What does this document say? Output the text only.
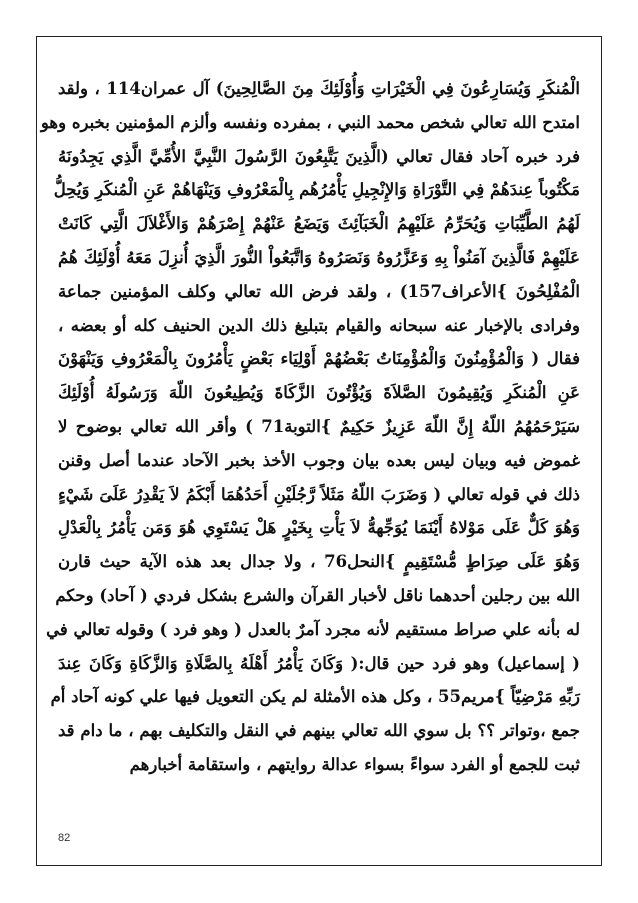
الْمُنكَرِ وَيُسَارِعُونَ فِي الْخَيْرَاتِ وَأُوْلَئِكَ مِنَ الصَّالِحِينَ) آل عمران114 ، ولقد

امتدح الله تعالي شخص محمد النبي ، بمفرده ونفسه وألزم المؤمنين بخبره وهو

فرد خبره آحاد فقال تعالي (الَّذِينَ يَتَّبِعُونَ الرَّسُولَ النَّبِيَّ الأُمِّيَّ الَّذِي يَجِدُونَهُ

مَكْتُوباً عِندَهُمْ فِي التَّوْرَاةِ وَالإِنْجِيلِ يَأْمُرُهُم بِالْمَعْرُوفِ وَيَنْهَاهُمْ عَنِ الْمُنكَرِ وَيُحِلُّ

لَهُمُ الطَّيِّبَاتِ وَيُحَرِّمُ عَلَيْهِمُ الْخَبَآئِثَ وَيَضَعُ عَنْهُمْ إِصْرَهُمْ وَالأَغْلاَلَ الَّتِي كَانَتْ

عَلَيْهِمْ فَالَّذِينَ آمَنُواْ بِهِ وَعَزَّرُوهُ وَنَصَرُوهُ وَاتَّبَعُواْ النُّورَ الَّذِيَ أُنزِلَ مَعَهُ أُوْلَئِكَ هُمُ

الْمُفْلِحُونَ }الأعراف157) ، ولقد فرض الله تعالي وكلف المؤمنين جماعة

وفرادى بالإخبار عنه سبحانه والقيام بتبليغ ذلك الدين الحنيف كله أو بعضه ،

فقال ( وَالْمُؤْمِنُونَ وَالْمُؤْمِنَاتُ بَعْضُهُمْ أَوْلِيَاء بَعْضٍ يَأْمُرُونَ بِالْمَعْرُوفِ وَيَنْهَوْنَ

عَنِ الْمُنكَرِ وَيُقِيمُونَ الصَّلاَةَ وَيُؤْتُونَ الزَّكَاةَ وَيُطِيعُونَ اللّهَ وَرَسُولَهُ أُوْلَئِكَ

سَيَرْحَمُهُمُ اللّهُ إِنَّ اللّهَ عَزِيزٌ حَكِيمٌ }التوبة71 ) وأقر الله تعالي بوضوح لا

غموض فيه وبيان ليس بعده بيان وجوب الأخذ بخبر الآحاد عندما أصل وقنن

ذلك في قوله تعالي ( وَضَرَبَ اللّهُ مَثَلاً رَّجُلَيْنِ أَحَدُهُمَا أَبْكَمُ لاَ يَقْدِرُ عَلَىَ شَيْءٍ

وَهُوَ كَلٌّ عَلَى مَوْلاهُ أَيْنَمَا يُوَجِّههُّ لاَ يَأْتِ بِخَيْرٍ هَلْ يَسْتَوِي هُوَ وَمَن يَأْمُرُ بِالْعَدْلِ

وَهُوَ عَلَى صِرَاطٍ مُّسْتَقِيمٍ }النحل76 ، ولا جدال بعد هذه الآية حيث قارن

الله بين رجلين أحدهما ناقل لأخبار القرآن والشرع بشكل فردي ( آحاد) وحكم

له بأنه علي صراط مستقيم لأنه مجرد آمرٌ بالعدل ( وهو فرد ) وقوله تعالي في

( إسماعيل) وهو فرد حين قال:( وَكَانَ يَأْمُرُ أَهْلَهُ بِالصَّلَاةِ وَالزَّكَاةِ وَكَانَ عِندَ

رَبِّهِ مَرْضِيّاً }مريم55 ، وكل هذه الأمثلة لم يكن التعويل فيها علي كونه آحاد أم

جمع ،وتواتر ؟؟ بل سوي الله تعالي بينهم في النقل والتكليف بهم ، ما دام قد

ثبت للجمع أو الفرد سواءً بسواء عدالة روايتهم ، واستقامة أخبارهم

82
